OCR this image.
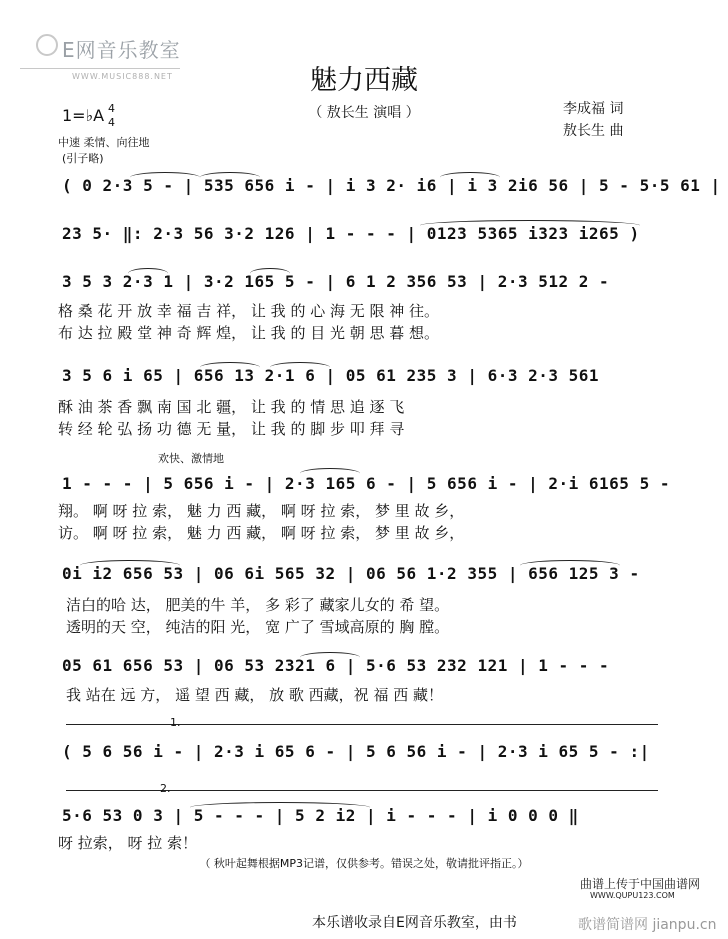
E网音乐教室
WWW.MUSIC888.NET	魅力西藏
（ 敖长生 演唱 ）	李成福 词
敖长生 曲
1=♭A 4
4
中速 柔情、向往地
(引子略)
( 0 2·3 5 - | 535 656 i - | i 3 2· i6 | i 3 2i6 56 | 5 - 5·5 61 |
23 5· ‖: 2·3 56 3·2 126 | 1 - - - | 0123 5365 i323 i265 )
3 5 3 2·3 1 | 3·2 165 5 - | 6 1 2 356 53 | 2·3 512 2 -
格 桑 花 开 放 幸 福 吉 祥， 让 我 的 心 海 无 限 神 往。
布 达 拉 殿 堂 神 奇 辉 煌， 让 我 的 目 光 朝 思 暮 想。
3 5 6 i 65 | 656 13 2·1 6 | 05 61 235 3 | 6·3 2·3 561
酥 油 茶 香 飘 南 国 北 疆， 让 我 的 情 思 追 逐 飞
转 经 轮 弘 扬 功 德 无 量， 让 我 的 脚 步 叩 拜 寻
欢快、激情地
1 - - - | 5 656 i - | 2·3 165 6 - | 5 656 i - | 2·i 6165 5 -
翔。 啊 呀 拉 索， 魅 力 西 藏， 啊 呀 拉 索， 梦 里 故 乡，
访。 啊 呀 拉 索， 魅 力 西 藏， 啊 呀 拉 索， 梦 里 故 乡，
0i i2 656 53 | 06 6i 565 32 | 06 56 1·2 355 | 656 125 3 -
洁白的哈 达， 肥美的牛 羊， 多 彩了 藏家儿女的 希 望。
透明的天 空， 纯洁的阳 光， 宽 广了 雪域高原的 胸 膛。
05 61 656 53 | 06 53 2321 6 | 5·6 53 232 121 | 1 - - -
我 站在 远 方， 遥 望 西 藏， 放 歌 西藏，祝 福 西 藏！
1.
( 5 6 56 i - | 2·3 i 65 6 - | 5 6 56 i - | 2·3 i 65 5 - :|
2.
5·6 53 0 3 | 5 - - - | 5 2 i2 | i - - - | i 0 0 0 ‖
呀 拉索， 呀 拉 索！
（ 秋叶起舞根据MP3记谱，仅供参考。错误之处，敬请批评指正。）
曲谱上传于中国曲谱网
WWW.QUPU123.COM
本乐谱收录自E网音乐教室，由书	歌谱简谱网 jianpu.cn
